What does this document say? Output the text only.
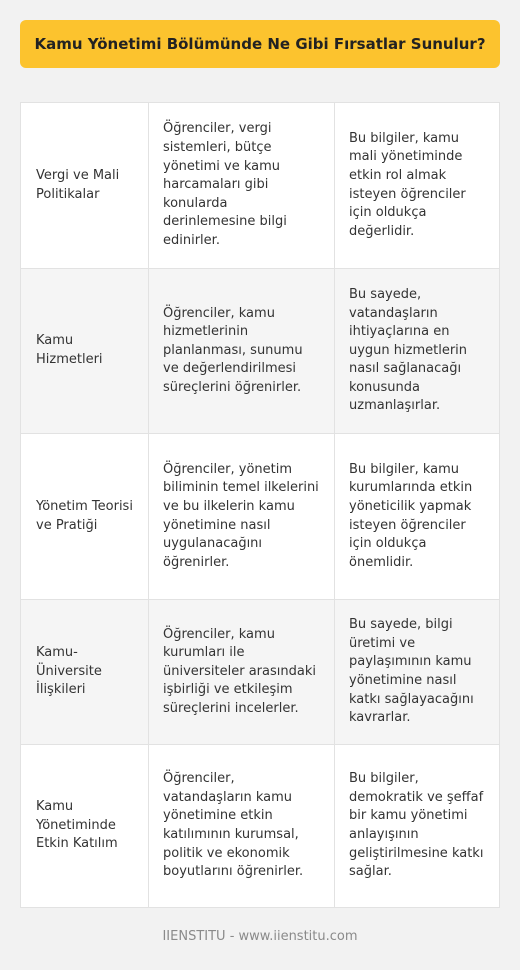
Kamu Yönetimi Bölümünde Ne Gibi Fırsatlar Sunulur?
Vergi ve Mali Politikalar
Öğrenciler, vergi sistemleri, bütçe yönetimi ve kamu harcamaları gibi konularda derinlemesine bilgi edinirler.
Bu bilgiler, kamu mali yönetiminde etkin rol almak isteyen öğrenciler için oldukça değerlidir.
Kamu Hizmetleri
Öğrenciler, kamu hizmetlerinin planlanması, sunumu ve değerlendirilmesi süreçlerini öğrenirler.
Bu sayede, vatandaşların ihtiyaçlarına en uygun hizmetlerin nasıl sağlanacağı konusunda uzmanlaşırlar.
Yönetim Teorisi ve Pratiği
Öğrenciler, yönetim biliminin temel ilkelerini ve bu ilkelerin kamu yönetimine nasıl uygulanacağını öğrenirler.
Bu bilgiler, kamu kurumlarında etkin yöneticilik yapmak isteyen öğrenciler için oldukça önemlidir.
Kamu-Üniversite İlişkileri
Öğrenciler, kamu kurumları ile üniversiteler arasındaki işbirliği ve etkileşim süreçlerini incelerler.
Bu sayede, bilgi üretimi ve paylaşımının kamu yönetimine nasıl katkı sağlayacağını kavrarlar.
Kamu Yönetiminde Etkin Katılım
Öğrenciler, vatandaşların kamu yönetimine etkin katılımının kurumsal, politik ve ekonomik boyutlarını öğrenirler.
Bu bilgiler, demokratik ve şeffaf bir kamu yönetimi anlayışının geliştirilmesine katkı sağlar.
IIENSTITU - www.iienstitu.com
